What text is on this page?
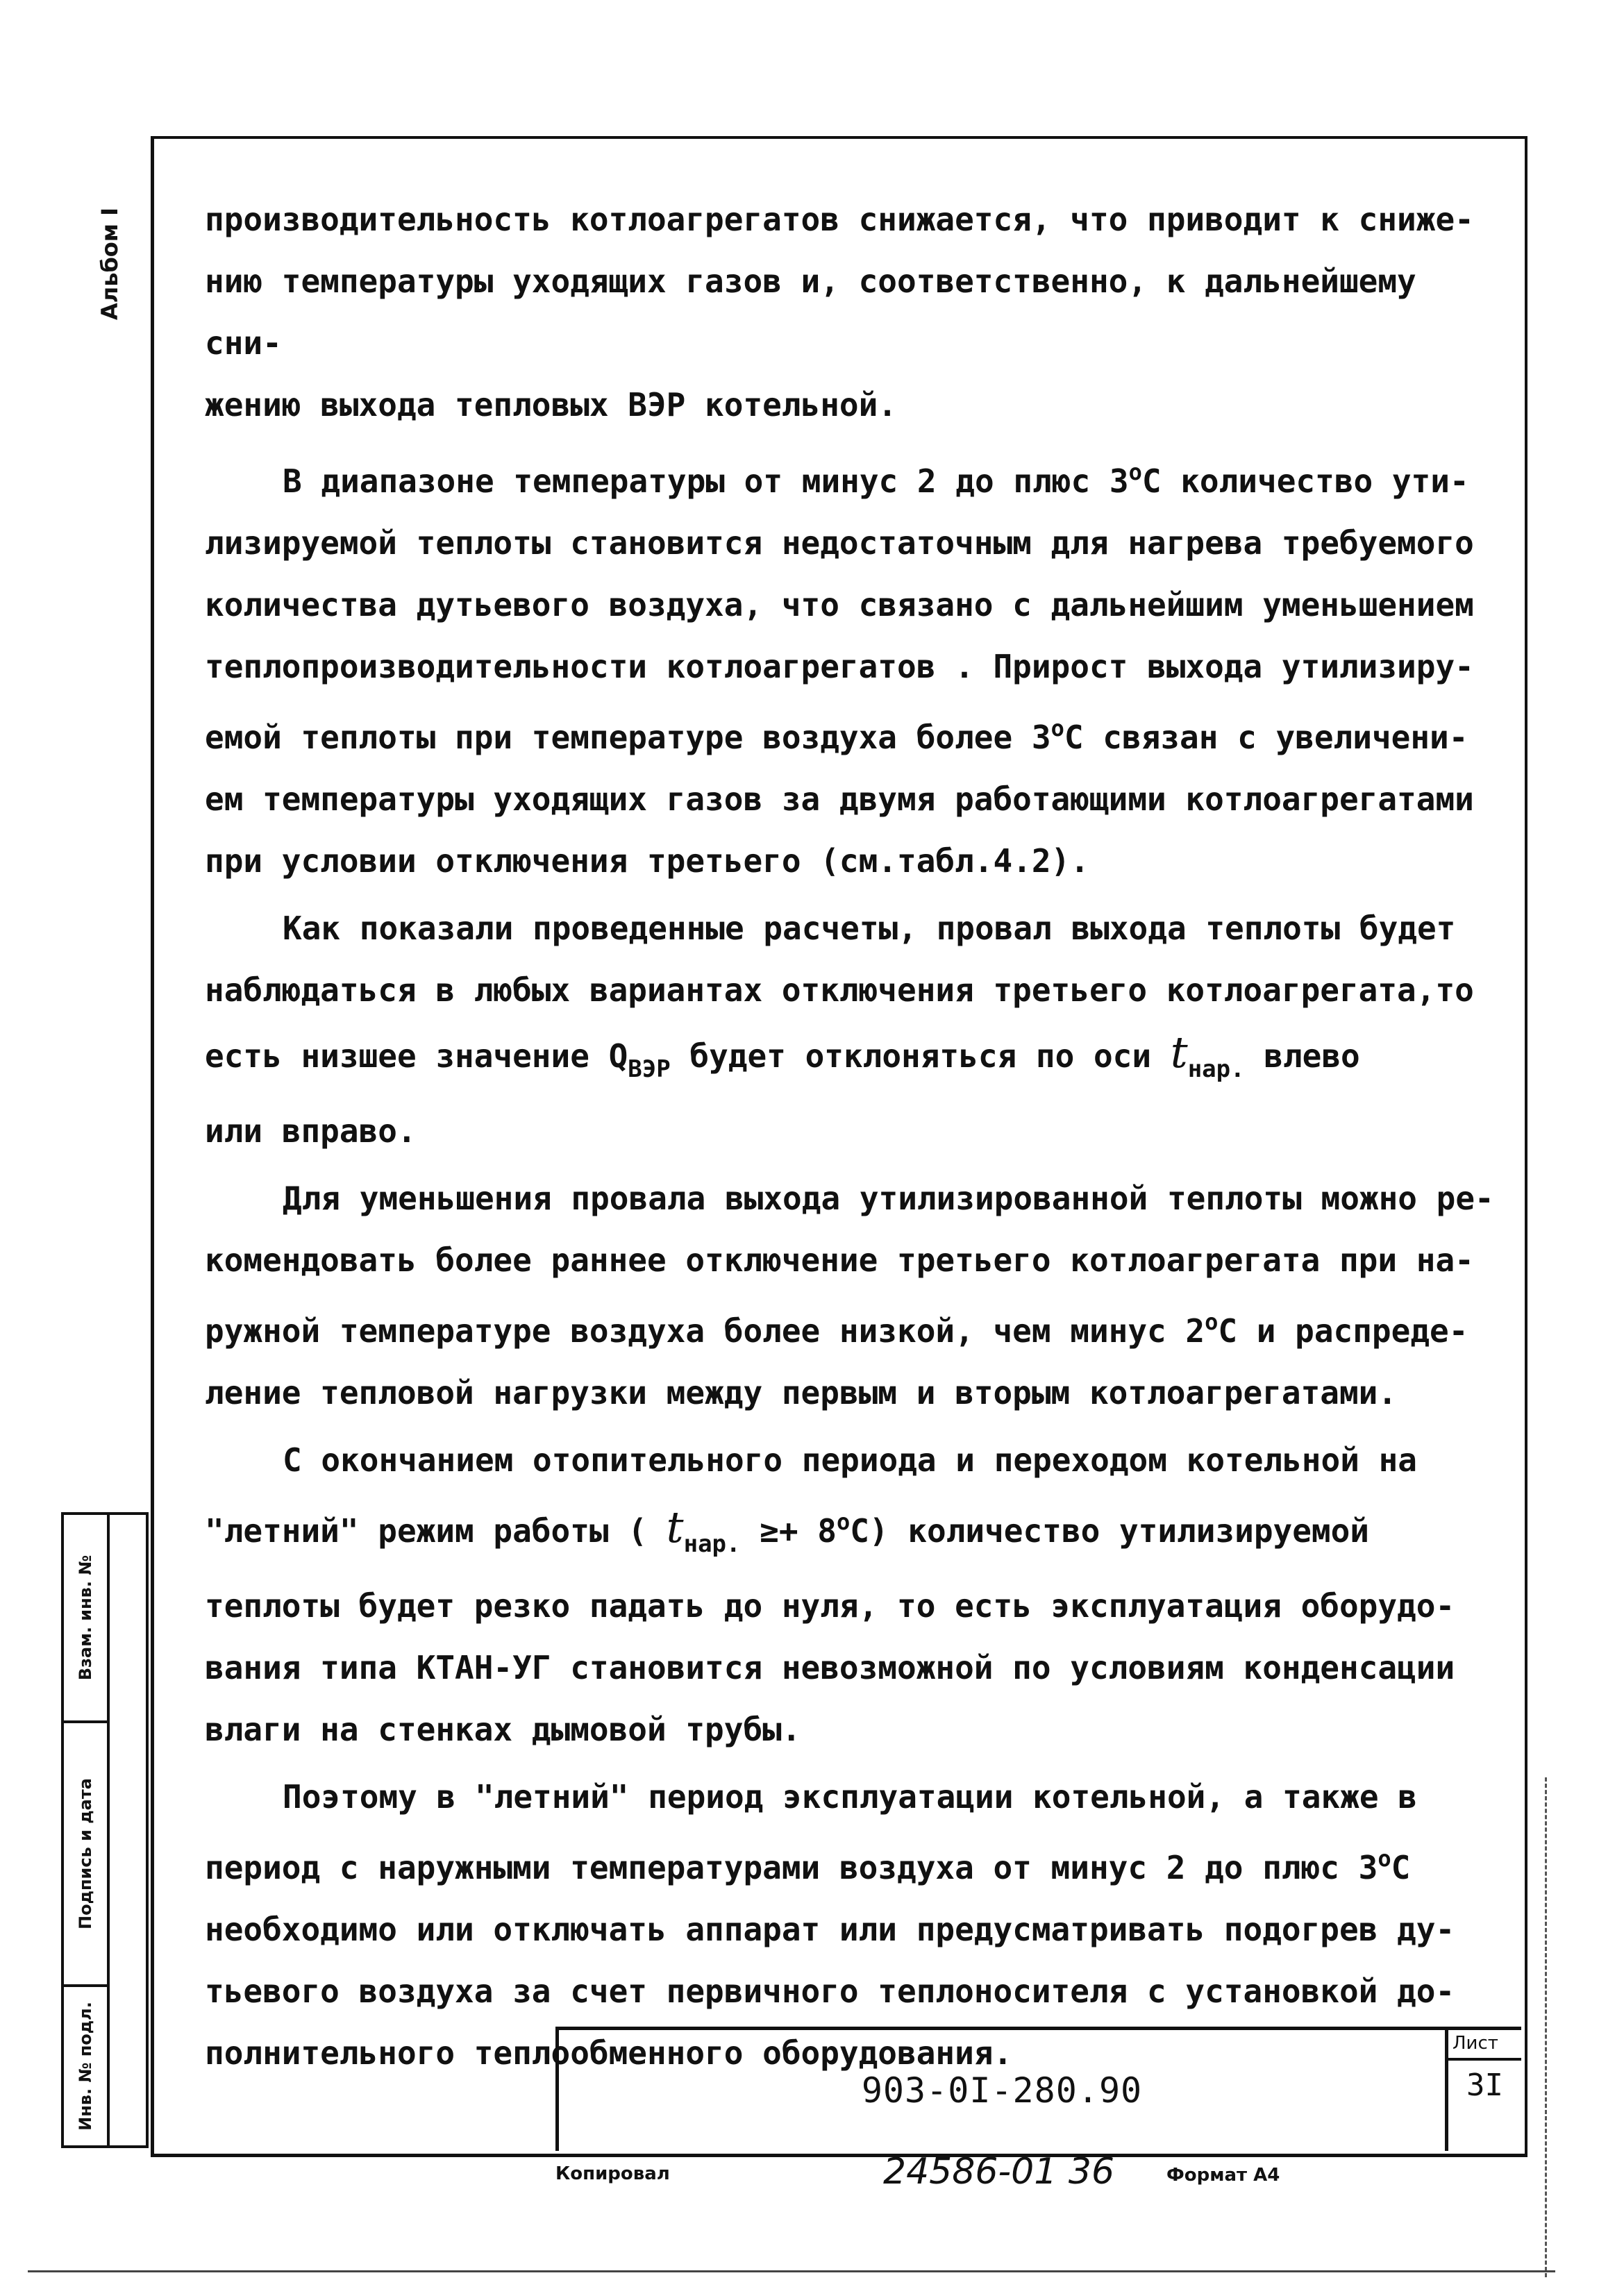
Альбом I
Взам. инв. №
Подпись и дата
Инв. № подл.

производительность котлоагрегатов снижается, что приводит к сниже-
нию температуры уходящих газов и, соответственно, к дальнейшему сни-
жению выхода тепловых ВЭР котельной.

В диапазоне температуры от минус 2 до плюс $3^оС$ количество ути-
лизируемой теплоты становится недостаточным для нагрева требуемого
количества дутьевого воздуха, что связано с дальнейшим уменьшением
теплопроизводительности котлоагрегатов . Прирост выхода утилизиру-
емой теплоты при температуре воздуха более $3^оС$ связан с увеличени-
ем температуры уходящих газов за двумя работающими котлоагрегатами
при условии отключения третьего (см.табл.4.2).

Как показали проведенные расчеты, провал выхода теплоты будет
наблюдаться в любых вариантах отключения третьего котлоагрегата,то
есть низшее значение $Q_{ВЭР}$ будет отклоняться по оси $t_{нар.}$ влево
или вправо.

Для уменьшения провала выхода утилизированной теплоты можно ре-
комендовать более раннее отключение третьего котлоагрегата при на-
ружной температуре воздуха более низкой, чем минус $2^оС$ и распреде-
ление тепловой нагрузки между первым и вторым котлоагрегатами.

С окончанием отопительного периода и переходом котельной на
"летний" режим работы ( $t_{нар.} \ge+ 8^оС$) количество утилизируемой
теплоты будет резко падать до нуля, то есть эксплуатация оборудо-
вания типа КТАН-УГ становится невозможной по условиям конденсации
влаги на стенках дымовой трубы.

Поэтому в "летний" период эксплуатации котельной, а также в
период с наружными температурами воздуха от минус 2 до плюс $3^оС$
необходимо или отключать аппарат или предусматривать подогрев ду-
тьевого воздуха за счет первичного теплоносителя с установкой до-
полнительного теплообменного оборудования.

903-0I-280.90
Лист
3I
Копировал	24586-01 36	Формат А4
